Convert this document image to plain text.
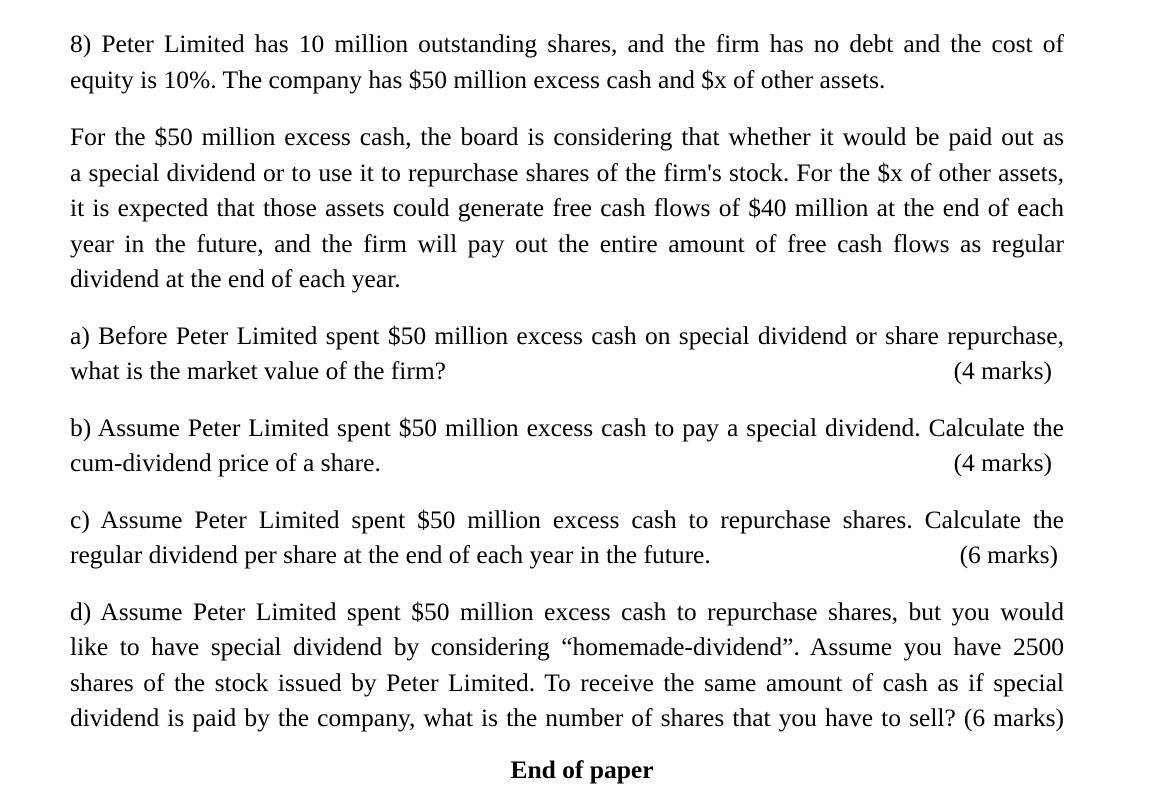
8) Peter Limited has 10 million outstanding shares, and the firm has no debt and the cost of
equity is 10%. The company has $50 million excess cash and $x of other assets.

For the $50 million excess cash, the board is considering that whether it would be paid out as
a special dividend or to use it to repurchase shares of the firm's stock. For the $x of other assets,
it is expected that those assets could generate free cash flows of $40 million at the end of each
year in the future, and the firm will pay out the entire amount of free cash flows as regular
dividend at the end of each year.

a) Before Peter Limited spent $50 million excess cash on special dividend or share repurchase,

what is the market value of the firm?	(4 marks)

b) Assume Peter Limited spent $50 million excess cash to pay a special dividend. Calculate the

cum-dividend price of a share.	(4 marks)

c) Assume Peter Limited spent $50 million excess cash to repurchase shares. Calculate the

regular dividend per share at the end of each year in the future.	(6 marks)

d) Assume Peter Limited spent $50 million excess cash to repurchase shares, but you would
like to have special dividend by considering “homemade-dividend”. Assume you have 2500
shares of the stock issued by Peter Limited. To receive the same amount of cash as if special
dividend is paid by the company, what is the number of shares that you have to sell? (6 marks)

End of paper
